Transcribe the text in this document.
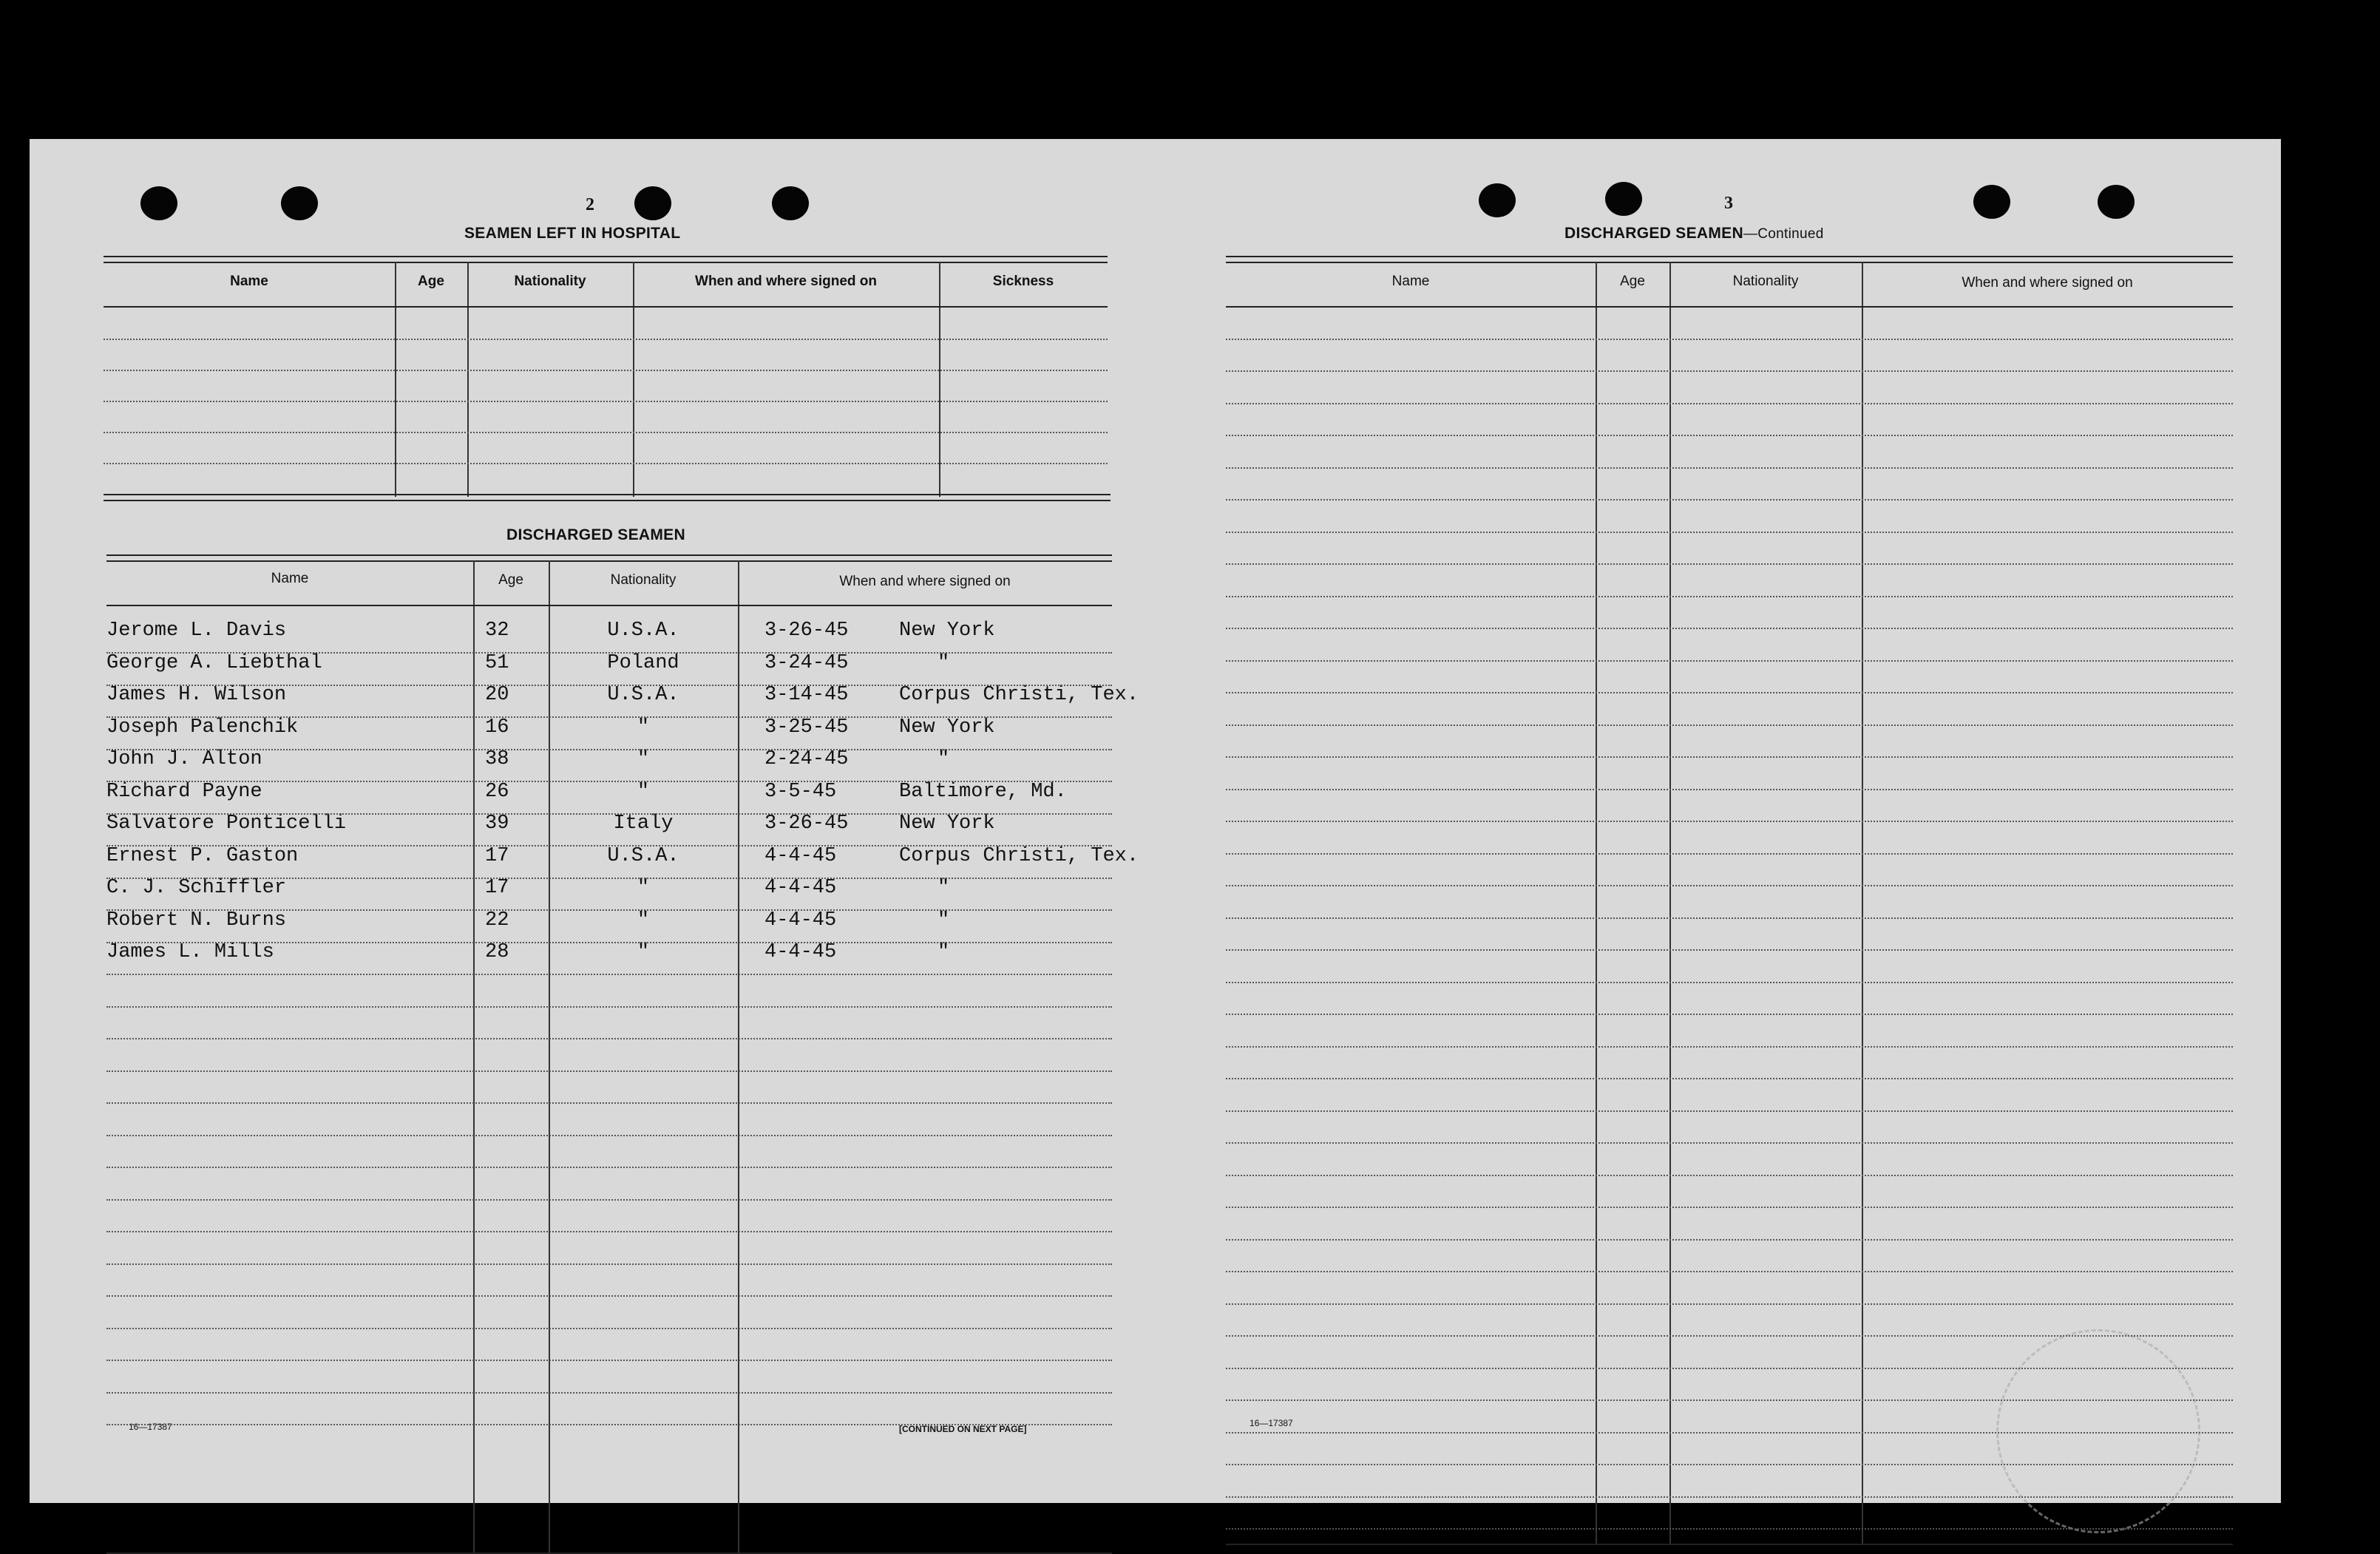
2
SEAMEN LEFT IN HOSPITAL
Name	Age	Nationality	When and where signed on	Sickness
DISCHARGED SEAMEN
Name	Age	Nationality	When and where signed on
16—17387	[CONTINUED ON NEXT PAGE]
3
DISCHARGED SEAMEN—Continued
Name	Age	Nationality	When and where signed on
16—17387
Jerome L. Davis	32	U.S.A.	3-26-45	New York
George A. Liebthal	51	Poland	3-24-45	"
James H. Wilson	20	U.S.A.	3-14-45	Corpus Christi, Tex.
Joseph Palenchik	16	"	3-25-45	New York
John J. Alton	38	"	2-24-45	"
Richard Payne	26	"	3-5-45	Baltimore, Md.
Salvatore Ponticelli	39	Italy	3-26-45	New York
Ernest P. Gaston	17	U.S.A.	4-4-45	Corpus Christi, Tex.
C. J. Schiffler	17	"	4-4-45	"
Robert N. Burns	22	"	4-4-45	"
James L. Mills	28	"	4-4-45	"
